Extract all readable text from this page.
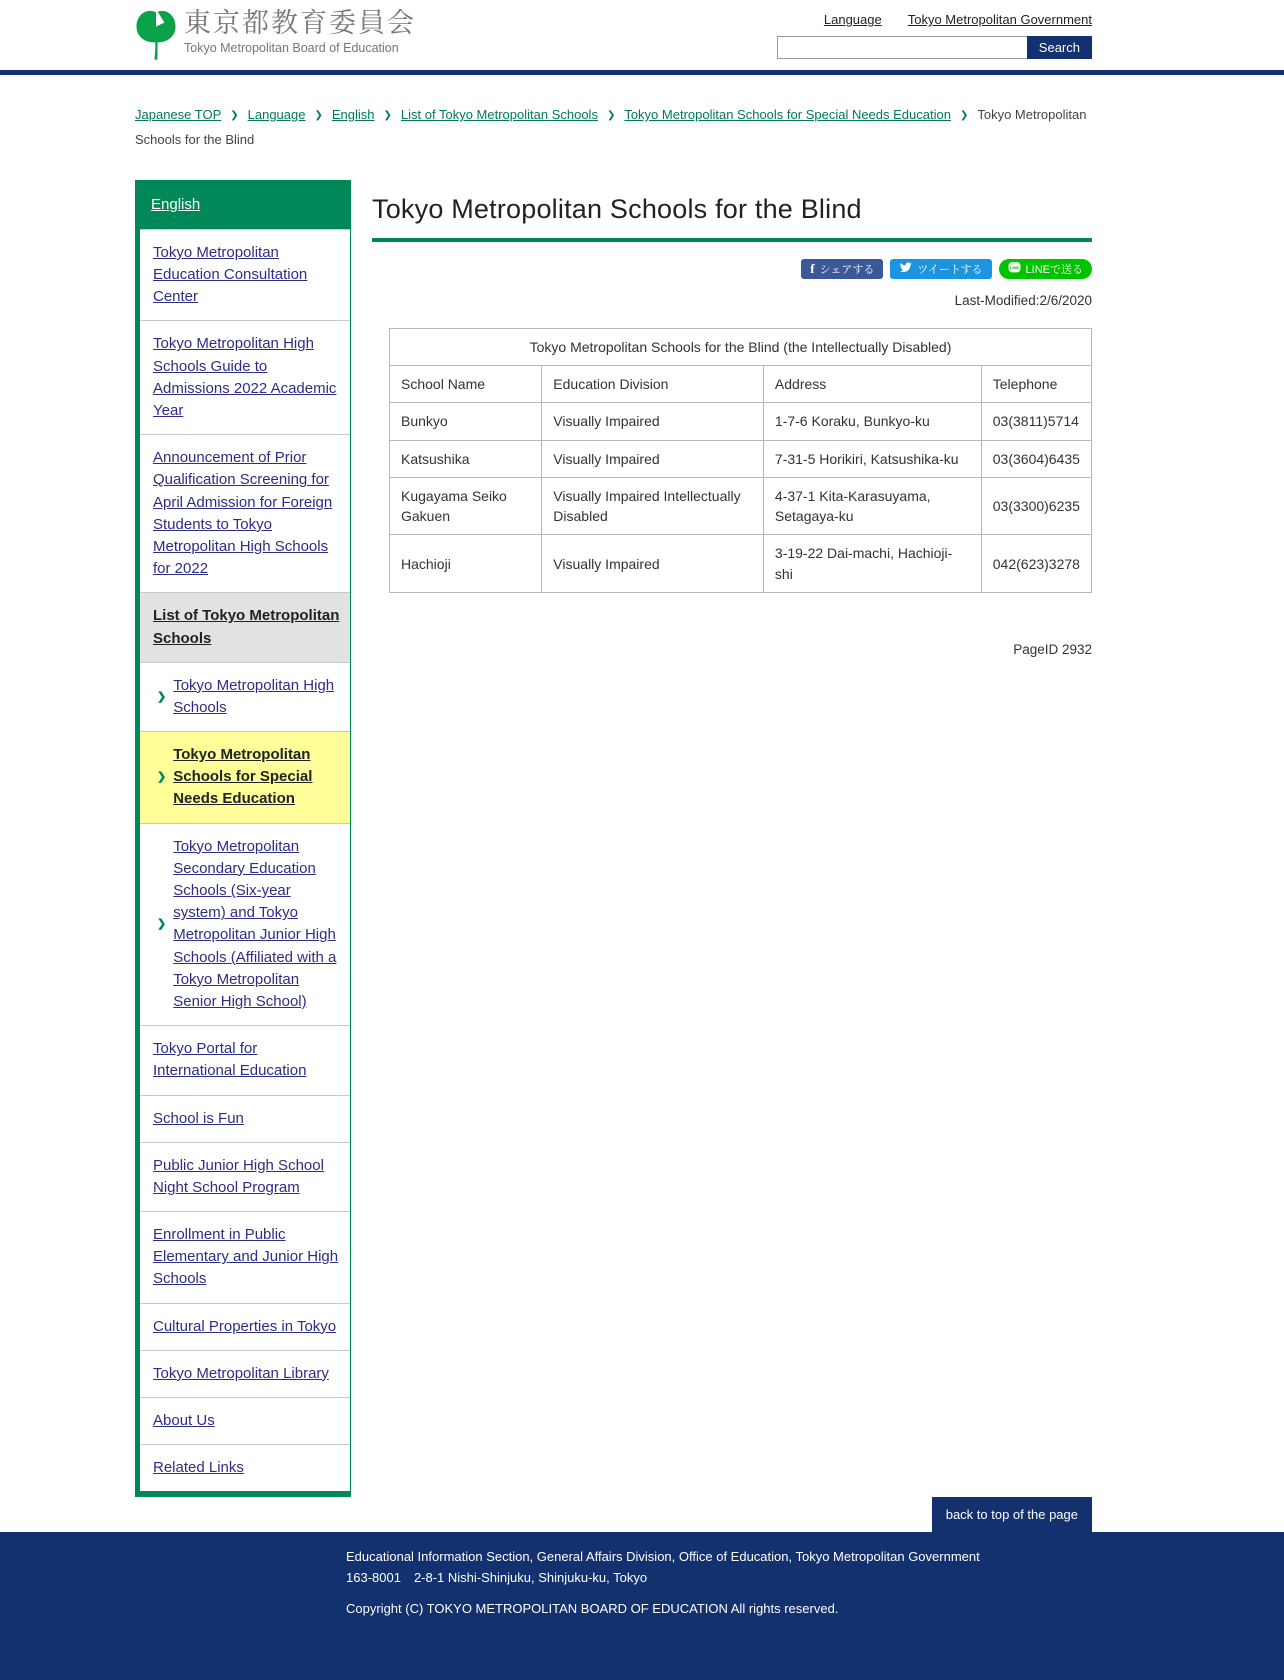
東京都教育委員会
Tokyo Metropolitan Board of Education
Language Tokyo Metropolitan Government
Search
Japanese TOP ❯ Language ❯ English ❯ List of Tokyo Metropolitan Schools ❯ Tokyo Metropolitan Schools for Special Needs Education ❯ Tokyo Metropolitan Schools for the Blind
English
Tokyo Metropolitan Education Consultation Center
Tokyo Metropolitan High Schools Guide to Admissions 2022 Academic Year
Announcement of Prior Qualification Screening for April Admission for Foreign Students to Tokyo Metropolitan High Schools for 2022
List of Tokyo Metropolitan Schools
❯
Tokyo Metropolitan High Schools
❯
Tokyo Metropolitan Schools for Special Needs Education
❯
Tokyo Metropolitan Secondary Education Schools (Six-year system) and Tokyo Metropolitan Junior High Schools (Affiliated with a Tokyo Metropolitan Senior High School)
Tokyo Portal for International Education
School is Fun
Public Junior High School Night School Program
Enrollment in Public Elementary and Junior High Schools
Cultural Properties in Tokyo
Tokyo Metropolitan Library
About Us
Related Links
Tokyo Metropolitan Schools for the Blind
f シェアする	ツイートする	LINE LINEで送る
Last-Modified:2/6/2020
Tokyo Metropolitan Schools for the Blind (the Intellectually Disabled)			
School Name	Education Division	Address	Telephone
Bunkyo	Visually Impaired	1-7-6 Koraku, Bunkyo-ku	03(3811)5714
Katsushika	Visually Impaired	7-31-5 Horikiri, Katsushika-ku	03(3604)6435
Kugayama Seiko Gakuen	Visually Impaired Intellectually Disabled	4-37-1 Kita-Karasuyama, Setagaya-ku	03(3300)6235
Hachioji	Visually Impaired	3-19-22 Dai-machi, Hachioji-shi	042(623)3278
PageID 2932
back to top of the page
Educational Information Section, General Affairs Division, Office of Education, Tokyo Metropolitan Government
163-8001　2-8-1 Nishi-Shinjuku, Shinjuku-ku, Tokyo
Copyright (C) TOKYO METROPOLITAN BOARD OF EDUCATION All rights reserved.
